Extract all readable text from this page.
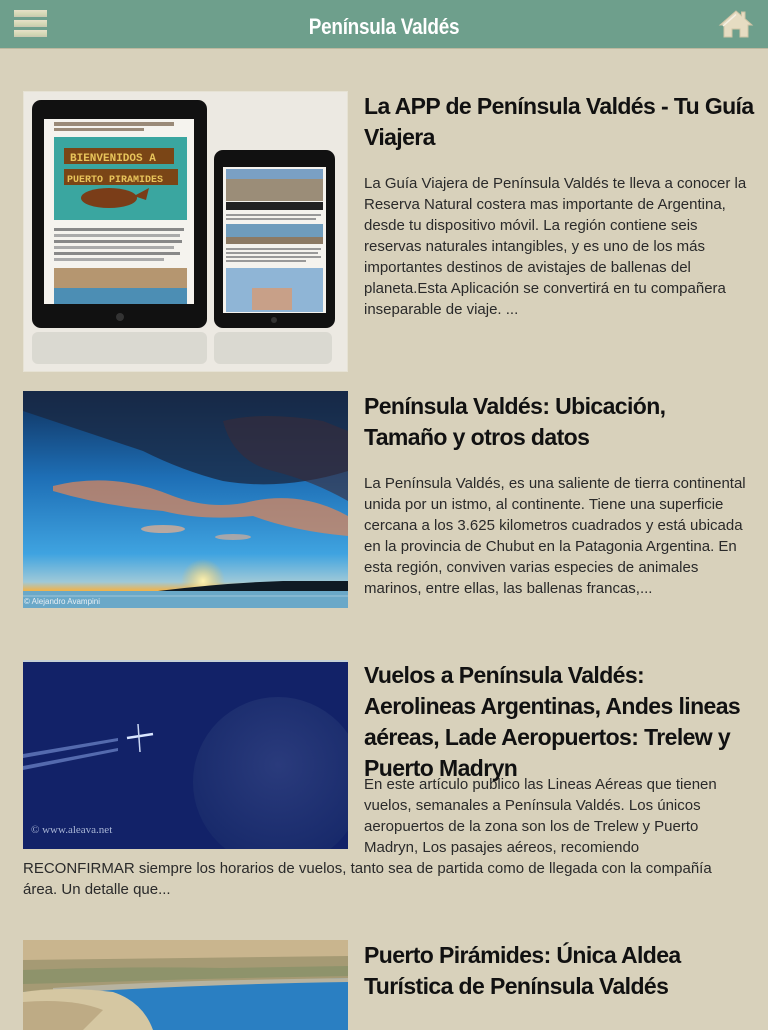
Península Valdés
BIENVENIDOS A
PUERTO PIRAMIDES
La APP de Península Valdés - Tu Guía Viajera
La Guía Viajera de Península Valdés te lleva a conocer la Reserva Natural costera mas importante de Argentina, desde tu dispositivo móvil. La región contiene seis reservas naturales intangibles, y es uno de los más importantes destinos de avistajes de ballenas del planeta.Esta Aplicación se convertirá en tu compañera inseparable de viaje. ...
© Alejandro Avampini
Península Valdés: Ubicación, Tamaño y otros datos
La Península Valdés, es una saliente de tierra continental unida por un istmo, al continente. Tiene una superficie cercana a los 3.625 kilometros cuadrados y está ubicada en la provincia de Chubut en la Patagonia Argentina. En esta región, conviven varias especies de animales marinos, entre ellas, las ballenas francas,...
© www.aleava.net
Vuelos a Península Valdés: Aerolineas Argentinas, Andes lineas aéreas, Lade Aeropuertos: Trelew y Puerto Madryn
En este artículo publico las Lineas Aéreas que tienen vuelos, semanales a Península Valdés. Los únicos aeropuertos de la zona son los de Trelew y Puerto Madryn, Los pasajes aéreos, recomiendo
RECONFIRMAR siempre los horarios de vuelos, tanto sea de partida como de llegada con la compañía área. Un detalle que...
Puerto Pirámides: Única Aldea Turística de Península Valdés
